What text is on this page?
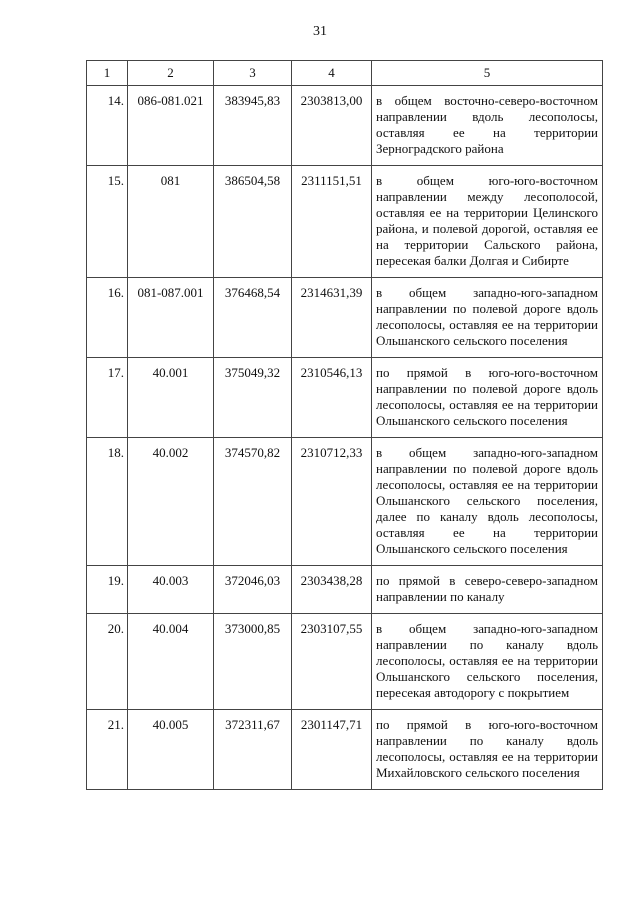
31
1	2	3	4	5
14.	086-081.021	383945,83	2303813,00	в общем восточно-северо-восточном направлении вдоль лесополосы, оставляя ее на территории Зерноградского района
15.	081	386504,58	2311151,51	в общем юго-юго-восточном направлении между лесополосой, оставляя ее на территории Целинского района, и полевой дорогой, оставляя ее на территории Сальского района, пересекая балки Долгая и Сибирте
16.	081-087.001	376468,54	2314631,39	в общем западно-юго-западном направлении по полевой дороге вдоль лесополосы, оставляя ее на территории Ольшанского сельского поселения
17.	40.001	375049,32	2310546,13	по прямой в юго-юго-восточном направлении по полевой дороге вдоль лесополосы, оставляя ее на территории Ольшанского сельского поселения
18.	40.002	374570,82	2310712,33	в общем западно-юго-западном направлении по полевой дороге вдоль лесополосы, оставляя ее на территории Ольшанского сельского поселения, далее по каналу вдоль лесополосы, оставляя ее на территории Ольшанского сельского поселения
19.	40.003	372046,03	2303438,28	по прямой в северо-северо-западном направлении по каналу
20.	40.004	373000,85	2303107,55	в общем западно-юго-западном направлении по каналу вдоль лесополосы, оставляя ее на территории Ольшанского сельского поселения, пересекая автодорогу с покрытием
21.	40.005	372311,67	2301147,71	по прямой в юго-юго-восточном направлении по каналу вдоль лесополосы, оставляя ее на территории Михайловского сельского поселения
